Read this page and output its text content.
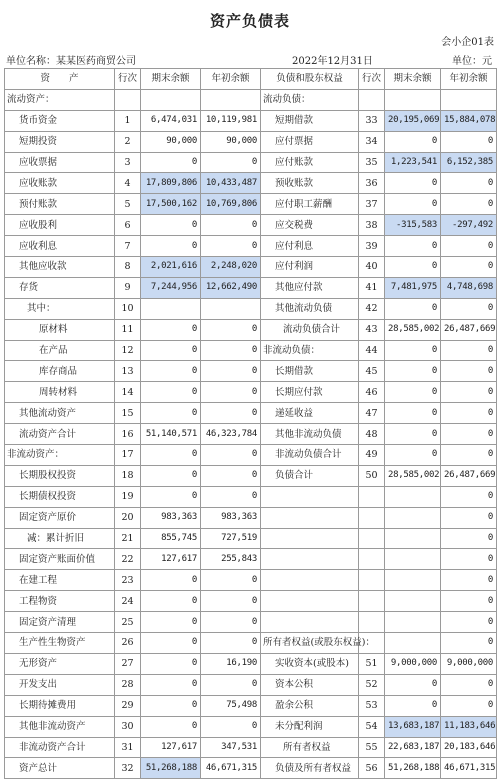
资产负债表
会小企01表
单位名称：某某医药商贸公司	2022年12月31日	单位：元
资　　产	行次	期末余额	年初余额	负债和股东权益	行次	期末余额	年初余额
流动资产：				流动负债：			
货币资金	1	6,474,031	10,119,981	短期借款	33	20,195,069	15,884,078
短期投资	2	90,000	90,000	应付票据	34	0	0
应收票据	3	0	0	应付账款	35	1,223,541	6,152,385
应收账款	4	17,809,806	10,433,487	预收账款	36	0	0
预付账款	5	17,500,162	10,769,806	应付职工薪酬	37	0	0
应收股利	6	0	0	应交税费	38	-315,583	-297,492
应收利息	7	0	0	应付利息	39	0	0
其他应收款	8	2,021,616	2,248,020	应付利润	40	0	0
存货	9	7,244,956	12,662,490	其他应付款	41	7,481,975	4,748,698
其中：	10			其他流动负债	42	0	0
原材料	11	0	0	流动负债合计	43	28,585,002	26,487,669
在产品	12	0	0	非流动负债：	44	0	0
库存商品	13	0	0	长期借款	45	0	0
周转材料	14	0	0	长期应付款	46	0	0
其他流动资产	15	0	0	递延收益	47	0	0
流动资产合计	16	51,140,571	46,323,784	其他非流动负债	48	0	0
非流动资产：	17	0	0	非流动负债合计	49	0	0
长期股权投资	18	0	0	负债合计	50	28,585,002	26,487,669
长期债权投资	19	0	0				0
固定资产原价	20	983,363	983,363				0
减：累计折旧	21	855,745	727,519				0
固定资产账面价值	22	127,617	255,843				0
在建工程	23	0	0				0
工程物资	24	0	0				0
固定资产清理	25	0	0				0
生产性生物资产	26	0	0	所有者权益(或股东权益)：			0
无形资产	27	0	16,190	实收资本(或股本)	51	9,000,000	9,000,000
开发支出	28	0	0	资本公积	52	0	0
长期待摊费用	29	0	75,498	盈余公积	53	0	0
其他非流动资产	30	0	0	未分配利润	54	13,683,187	11,183,646
非流动资产合计	31	127,617	347,531	所有者权益	55	22,683,187	20,183,646
资产总计	32	51,268,188	46,671,315	负债及所有者权益	56	51,268,188	46,671,315
